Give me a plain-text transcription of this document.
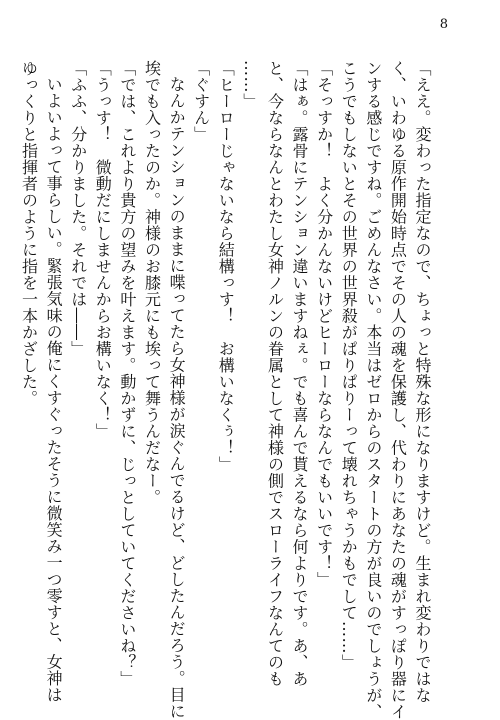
8
「ええ。変わった指定なので、ちょっと特殊な形になりますけど。生まれ変わりではな
く、いわゆる原作開始時点でその人の魂を保護し、代わりにあなたの魂がすっぽり器にイ
ンする感じですね。ごめんなさい。本当はゼロからのスタートの方が良いのでしょうが、
こうでもしないとその世界の世界殺がぱりぱりーって壊れちゃうかもでして……」
「そっすか！　よく分かんないけどヒーローならなんでもいいです！」
「はぁ。露骨にテンション違いますねぇ。でも喜んで貰えるなら何よりです。あ、あ
と、今ならなんとわたし女神ノルンの眷属として神様の側でスローライフなんてのも
……」
「ヒーローじゃないなら結構っす！　お構いなくぅ！」
「ぐすん」
なんかテンションのままに喋ってたら女神様が涙ぐんでるけど、どしたんだろう。目に
埃でも入ったのか。神様のお膝元にも埃って舞うんだなー。
「では、これより貴方の望みを叶えます。動かずに、じっとしていてくださいね？」
「うっす！　微動だにしませんからお構いなく！」
「ふふ、分かりました。それでは――」
いよいよって事らしい。緊張気味の俺にくすぐったそうに微笑み一つ零すと、女神は
ゆっくりと指揮者のように指を一本かざした。
